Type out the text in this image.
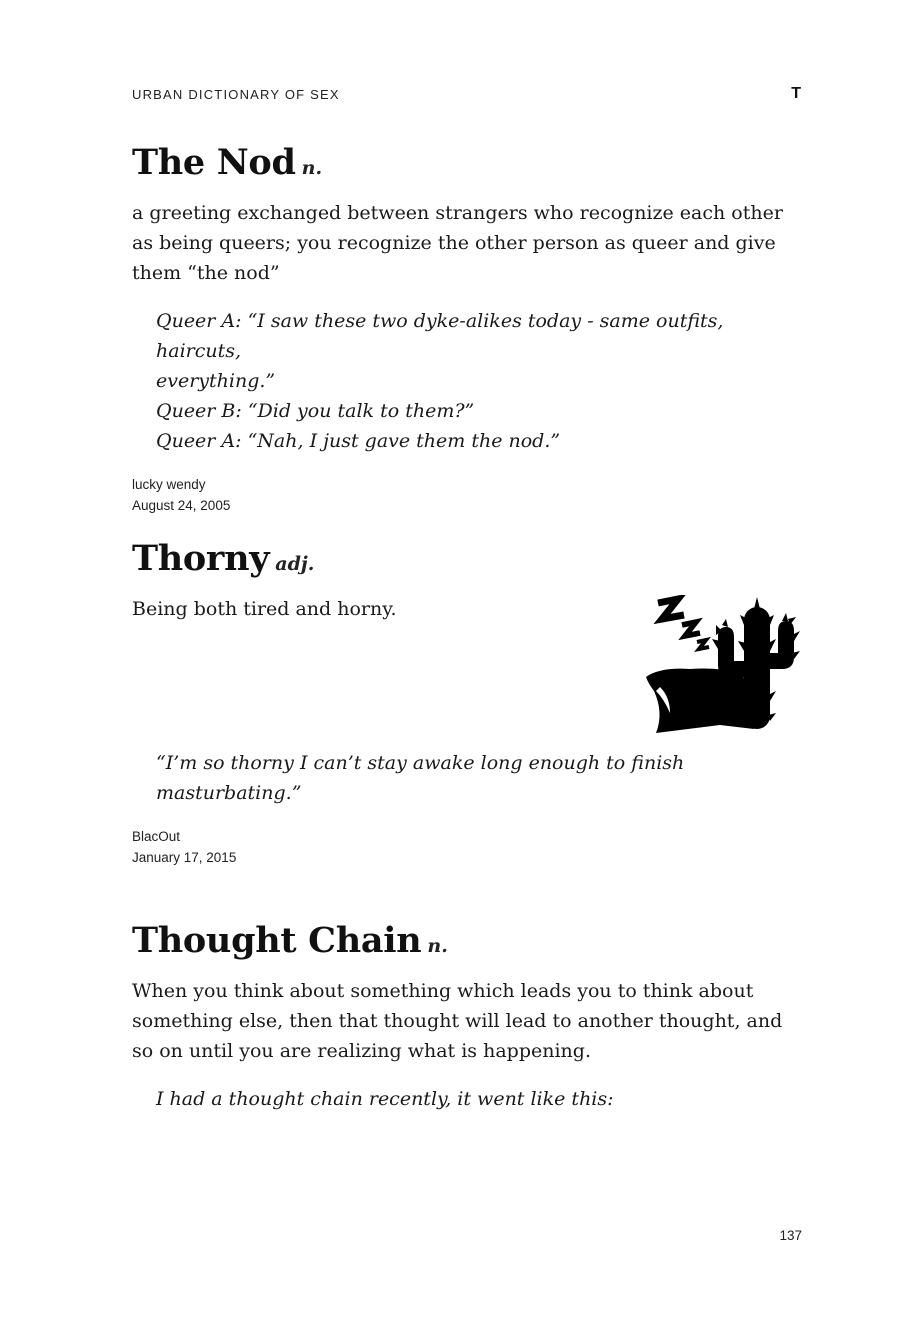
URBAN DICTIONARY OF SEX	T
The Nod n.

a greeting exchanged between strangers who recognize each other as being queers; you recognize the other person as queer and give them “the nod”

Queer A: “I saw these two dyke-alikes today - same outfits, haircuts,
everything.”
Queer B: “Did you talk to them?”
Queer A: “Nah, I just gave them the nod.”

lucky wendy

August 24, 2005

Thorny adj.

Being both tired and horny.

“I’m so thorny I can’t stay awake long enough to finish
masturbating.”

BlacOut

January 17, 2015

Thought Chain n.

When you think about something which leads you to think about something else, then that thought will lead to another thought, and so on until you are realizing what is happening.

I had a thought chain recently, it went like this:

137
